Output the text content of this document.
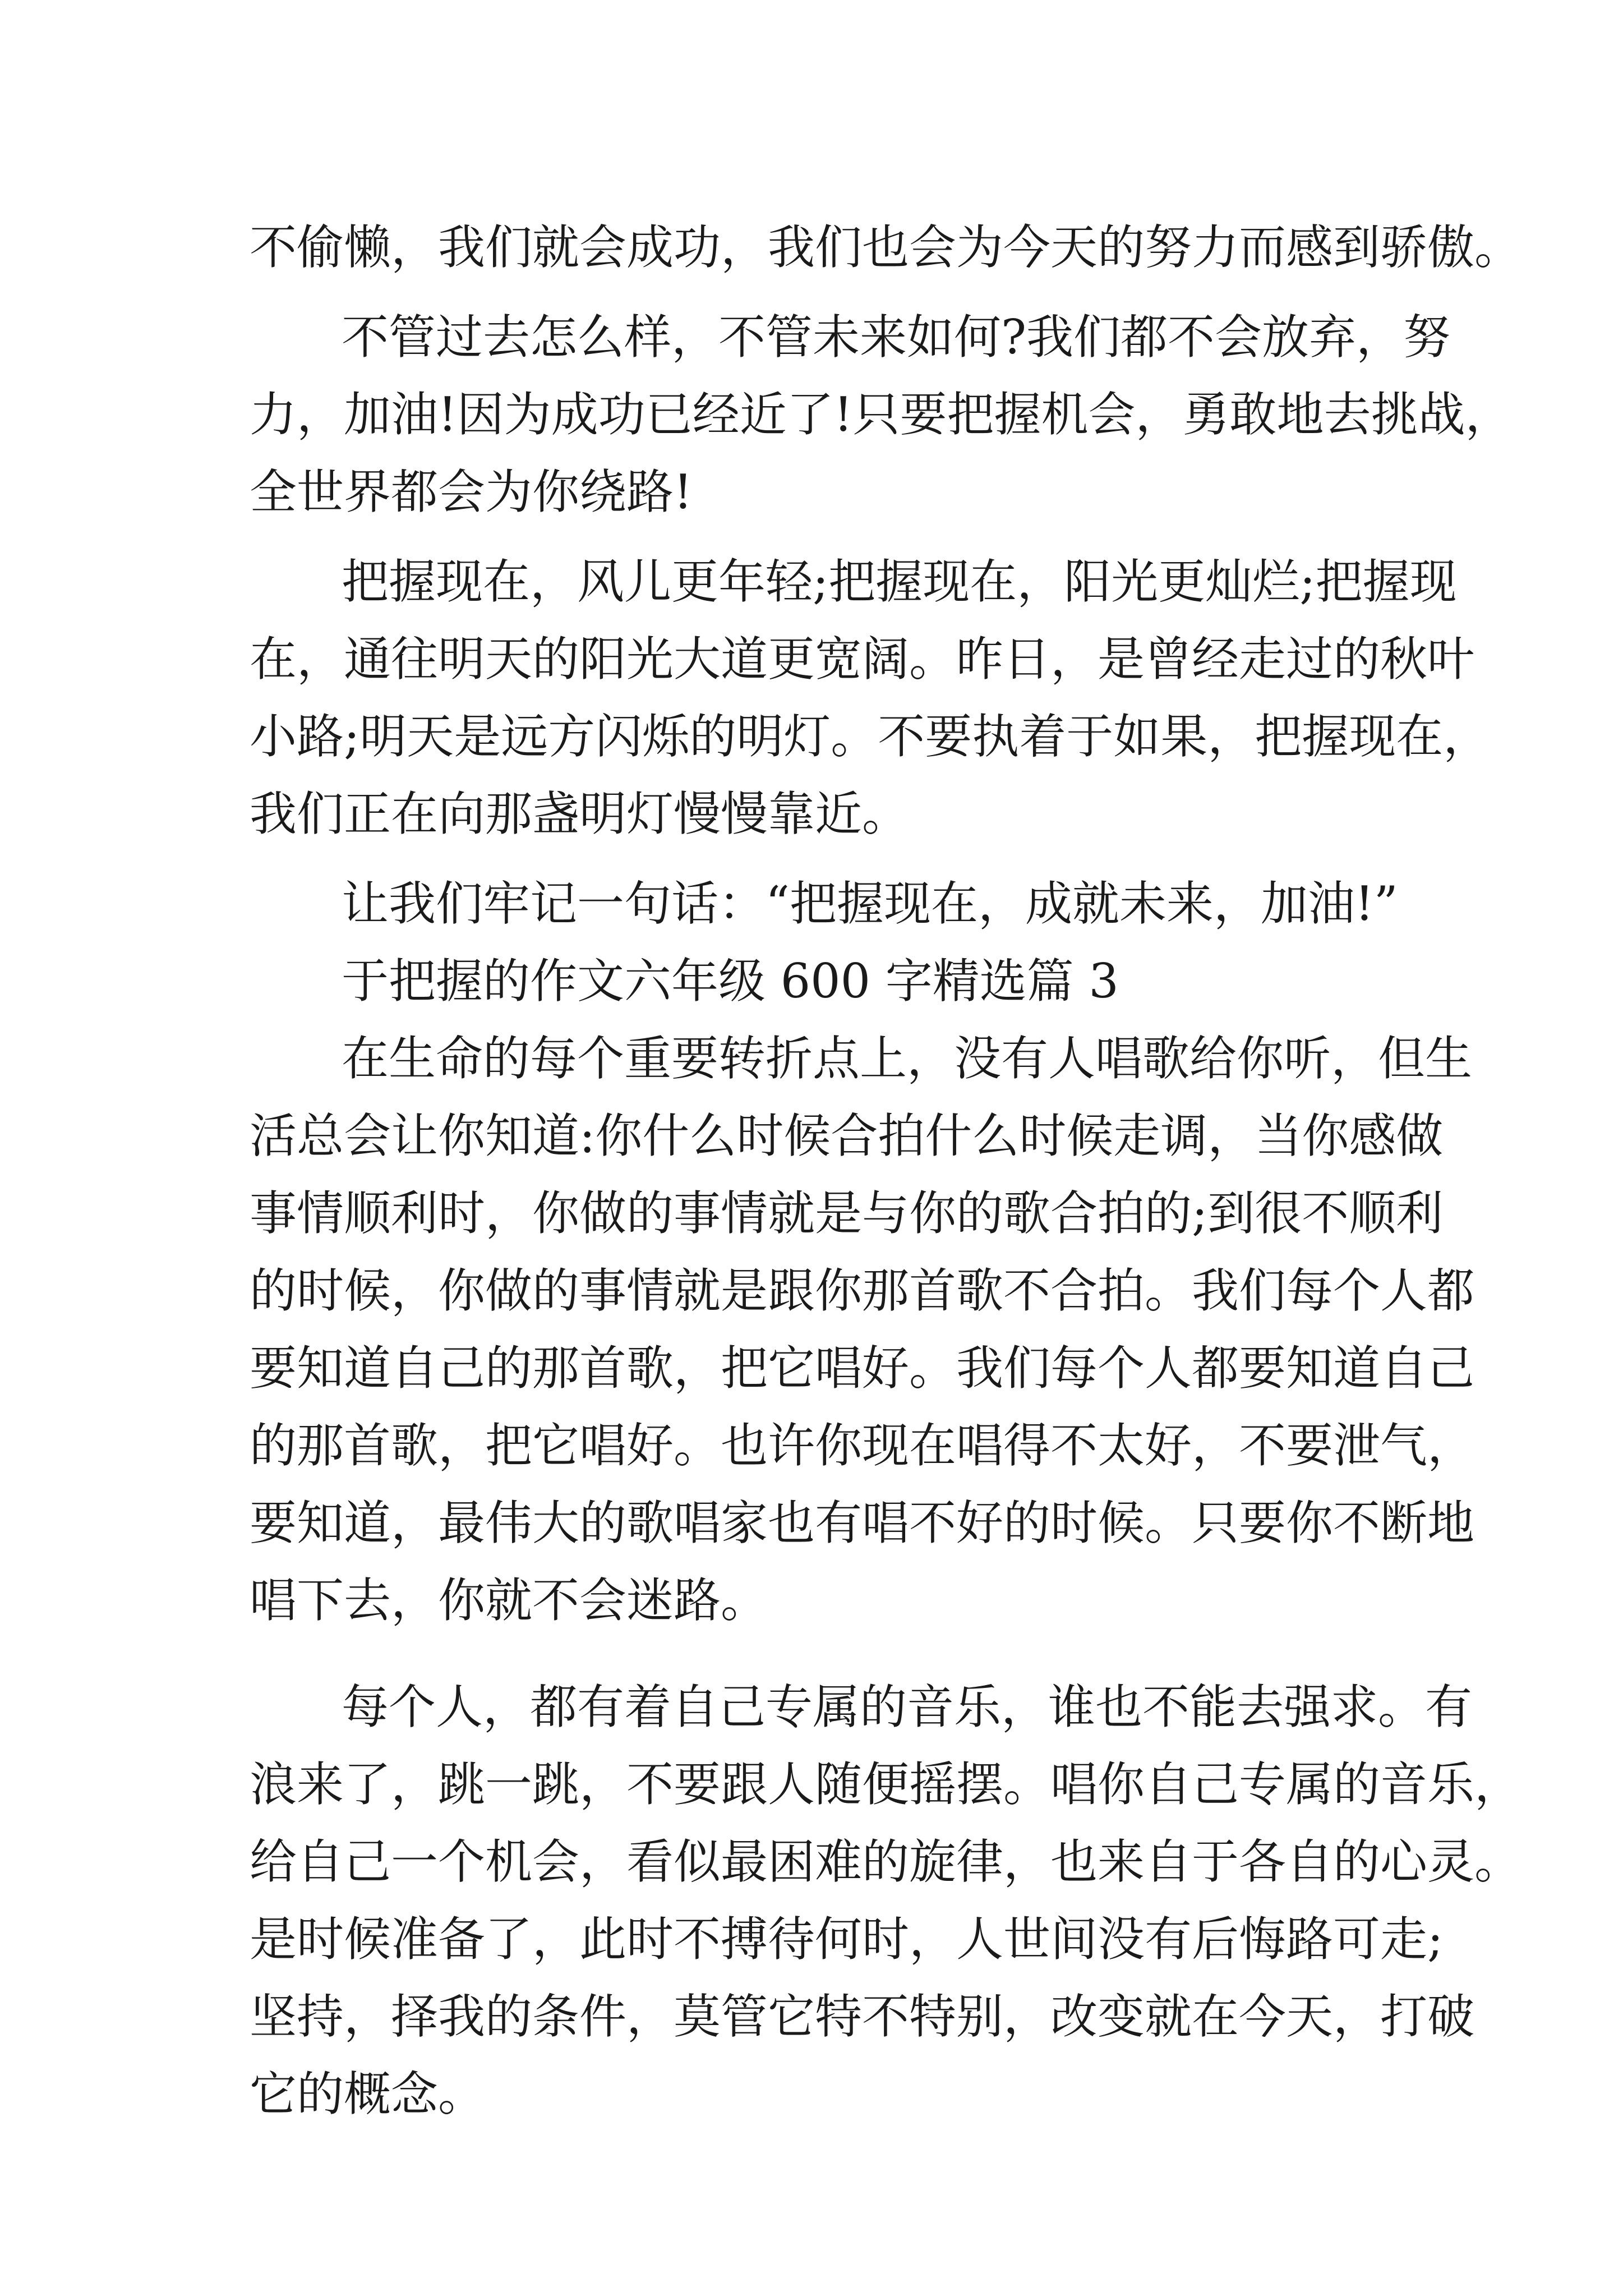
不偷懒，我们就会成功，我们也会为今天的努力而感到骄傲。
不管过去怎么样，不管未来如何?我们都不会放弃，努
力，加油!因为成功已经近了!只要把握机会，勇敢地去挑战，
全世界都会为你绕路!
把握现在，风儿更年轻;把握现在，阳光更灿烂;把握现
在，通往明天的阳光大道更宽阔。昨日，是曾经走过的秋叶
小路;明天是远方闪烁的明灯。不要执着于如果，把握现在，
我们正在向那盏明灯慢慢靠近。
让我们牢记一句话：“把握现在，成就未来，加油!”
于把握的作文六年级 600 字精选篇 3
在生命的每个重要转折点上，没有人唱歌给你听，但生
活总会让你知道:你什么时候合拍什么时候走调，当你感做
事情顺利时，你做的事情就是与你的歌合拍的;到很不顺利
的时候，你做的事情就是跟你那首歌不合拍。我们每个人都
要知道自己的那首歌，把它唱好。我们每个人都要知道自己
的那首歌，把它唱好。也许你现在唱得不太好，不要泄气，
要知道，最伟大的歌唱家也有唱不好的时候。只要你不断地
唱下去，你就不会迷路。
每个人，都有着自己专属的音乐，谁也不能去强求。有
浪来了，跳一跳，不要跟人随便摇摆。唱你自己专属的音乐，
给自己一个机会，看似最困难的旋律，也来自于各自的心灵。
是时候准备了，此时不搏待何时，人世间没有后悔路可走;
坚持，择我的条件，莫管它特不特别，改变就在今天，打破
它的概念。
